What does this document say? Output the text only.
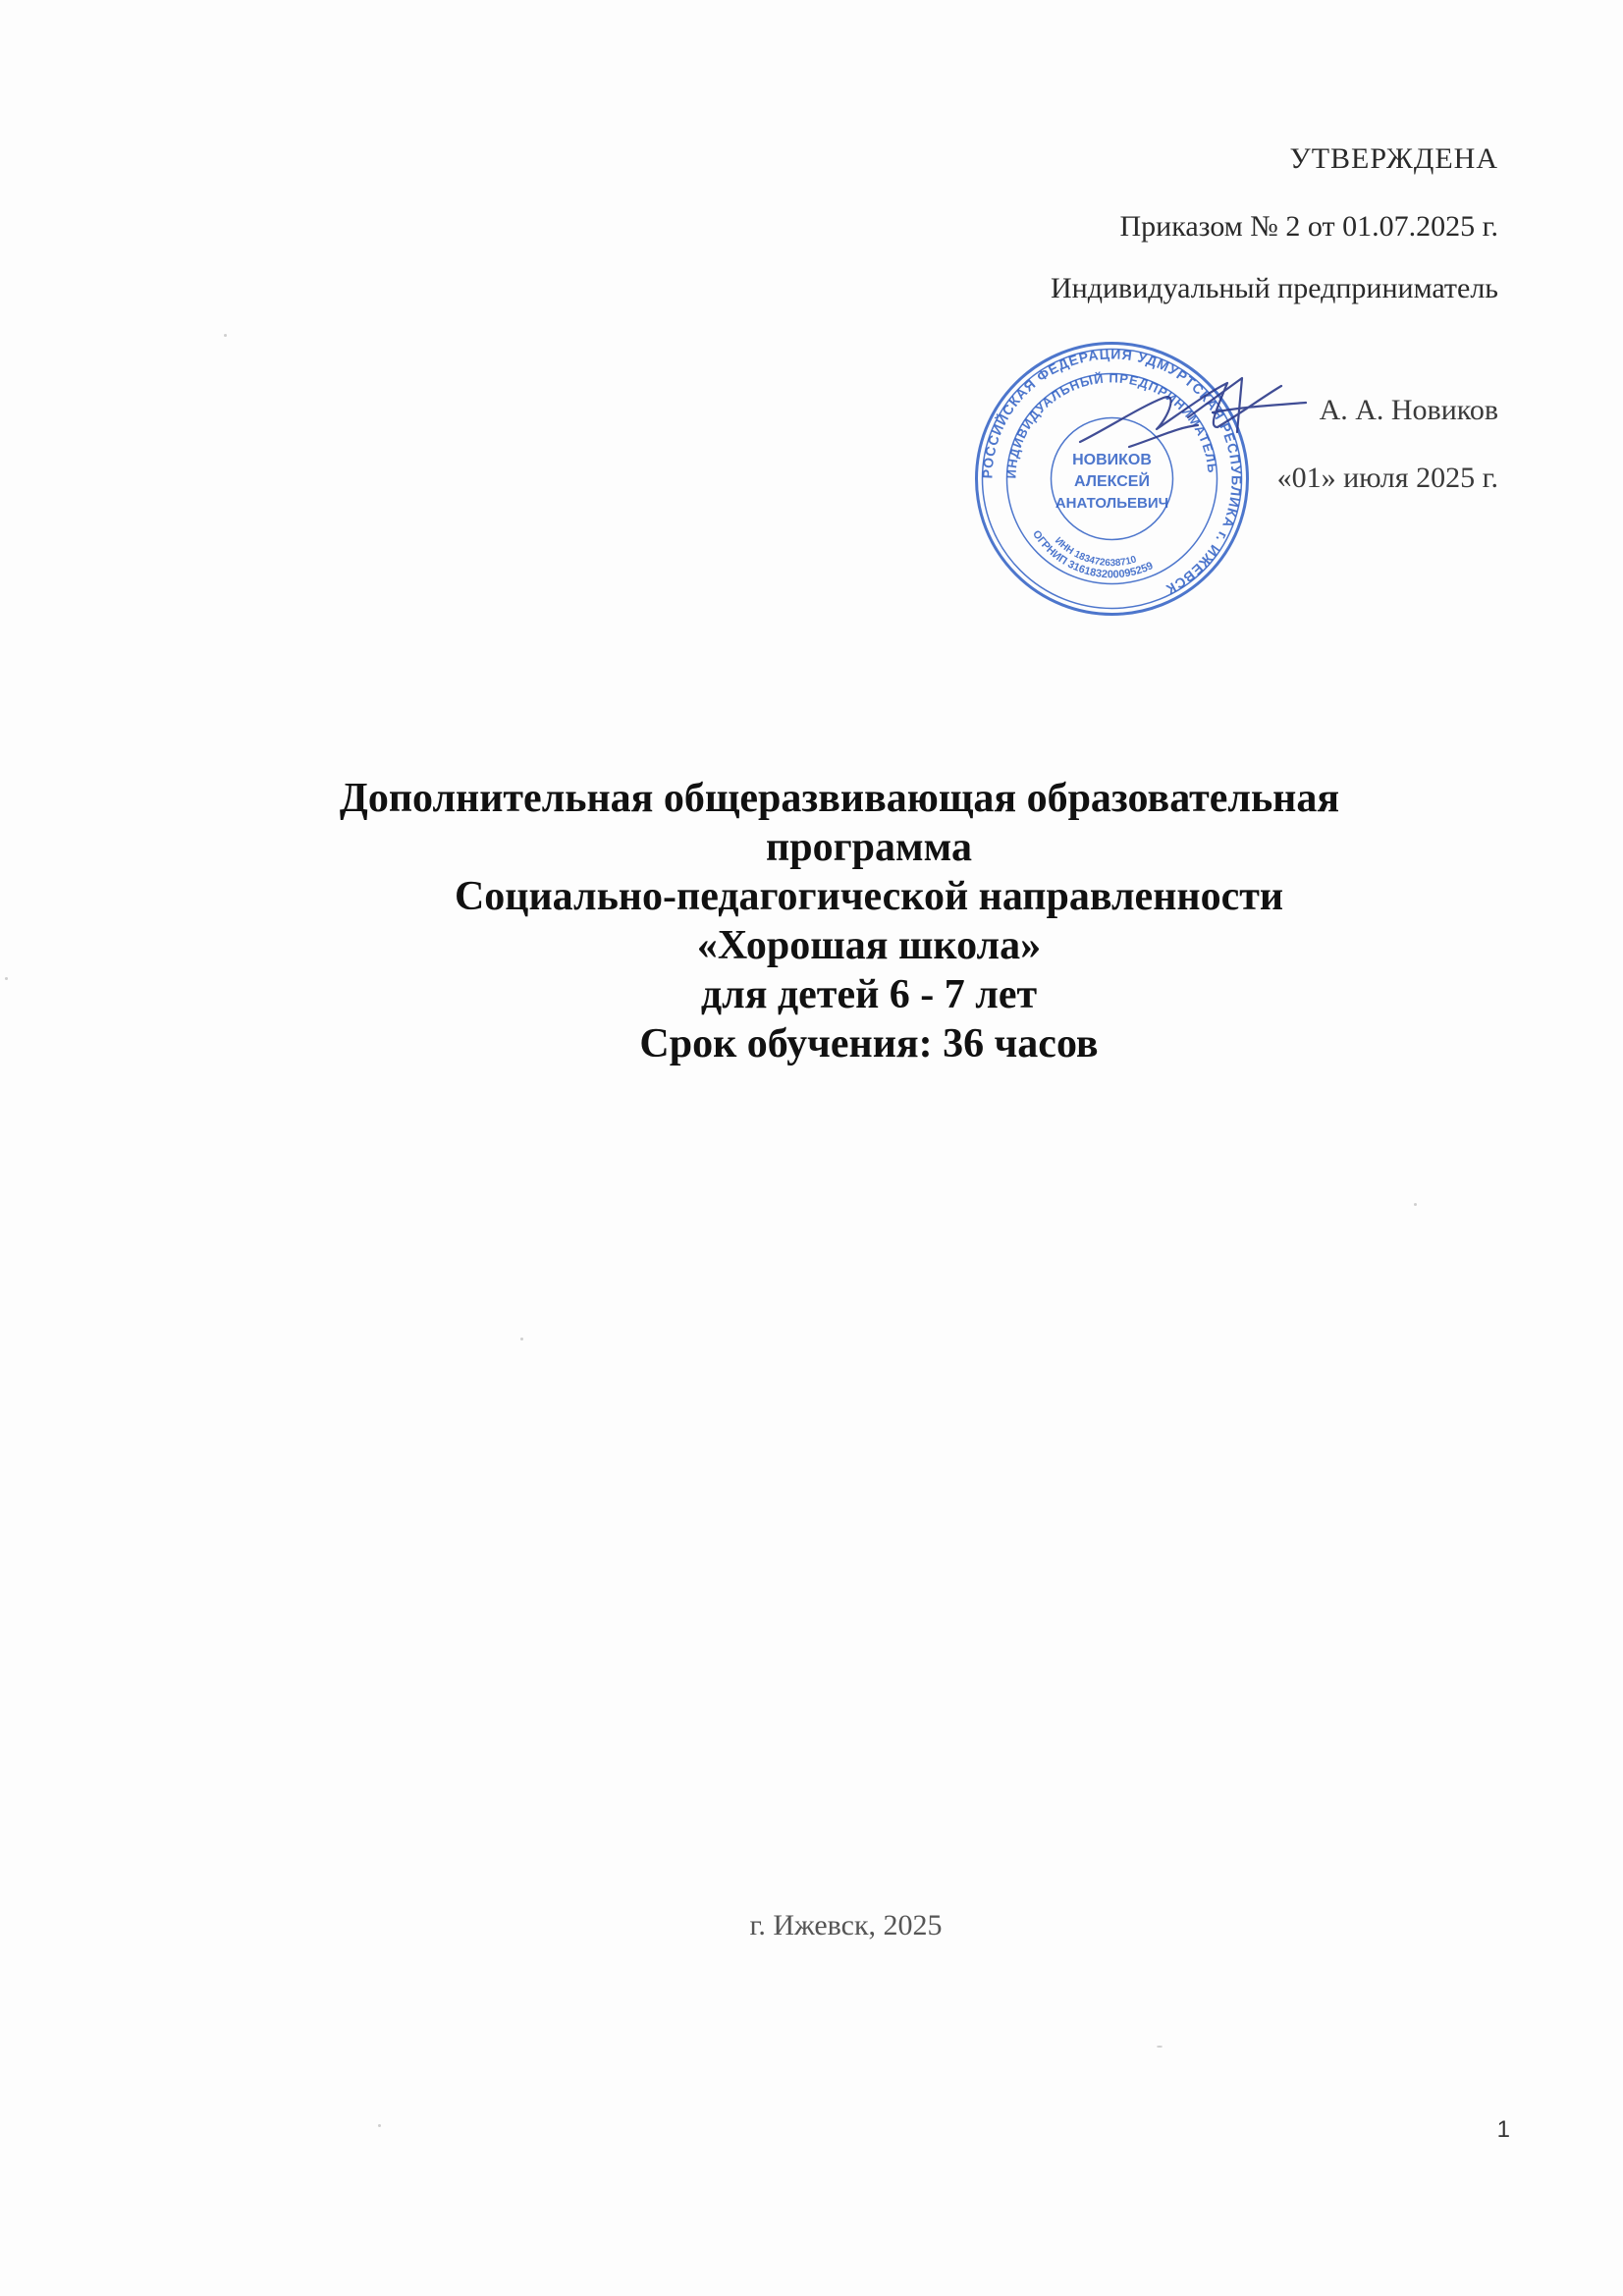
УТВЕРЖДЕНА
Приказом № 2 от 01.07.2025 г.
Индивидуальный предприниматель
А. А. Новиков
«01» июля 2025 г.
РОССИЙСКАЯ ФЕДЕРАЦИЯ УДМУРТСКАЯ РЕСПУБЛИКА г. ИЖЕВСК
ИНДИВИДУАЛЬНЫЙ ПРЕДПРИНИМАТЕЛЬ
ОГРНИП 316183200095259
ИНН 183472638710
НОВИКОВ
АЛЕКСЕЙ
АНАТОЛЬЕВИЧ
Дополнительная общеразвивающая образовательная
программа
Социально-педагогической направленности
«Хорошая школа»
для детей 6 - 7 лет
Срок обучения: 36 часов
г. Ижевск, 2025
1
